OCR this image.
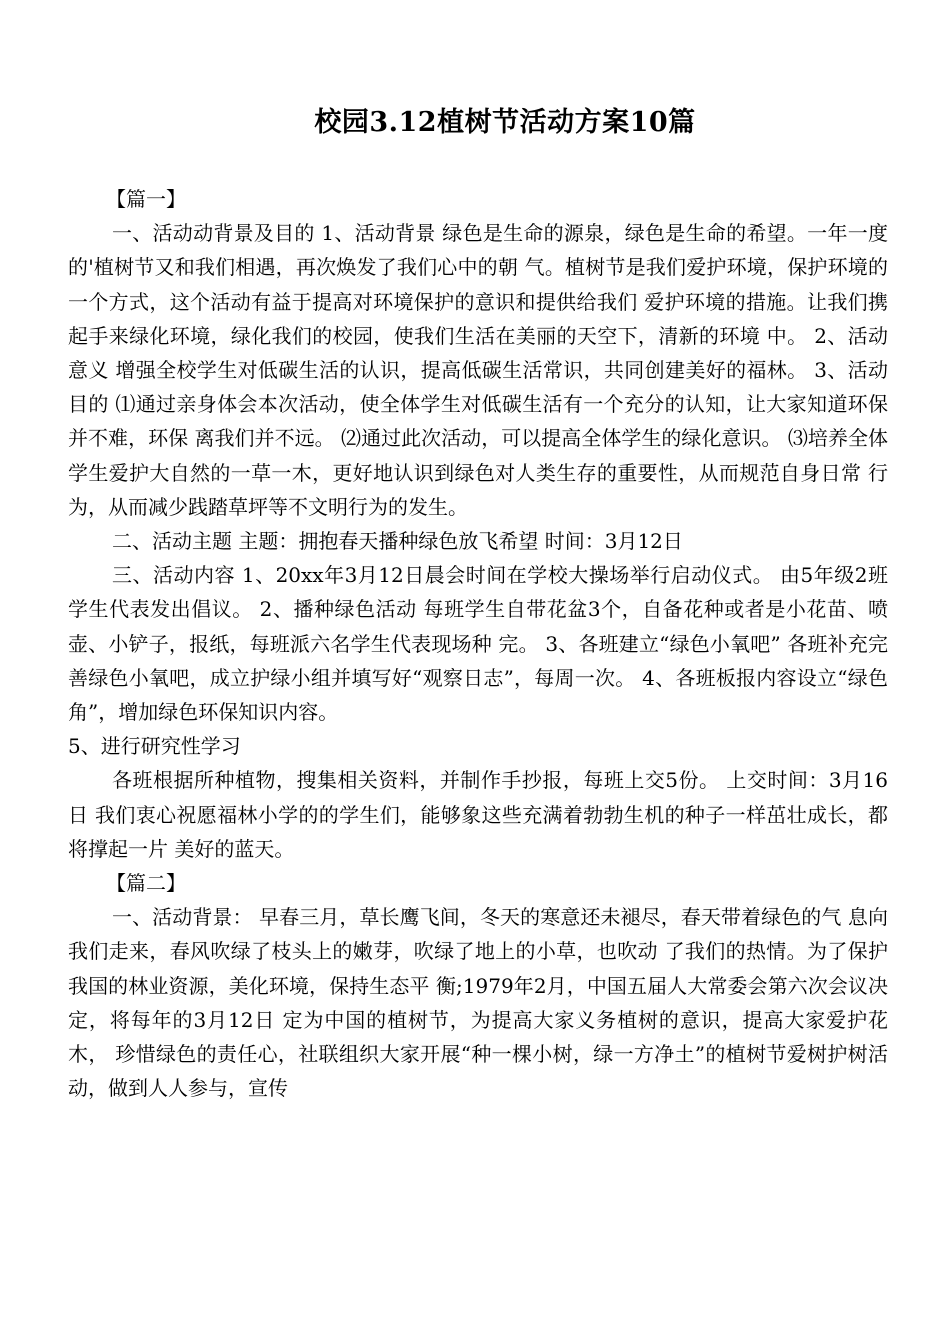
校园3.12植树节活动方案10篇
【篇一】

一、活动动背景及目的 1、活动背景 绿色是生命的源泉，绿色是生命的希望。一年一度的'植树节又和我们相遇，再次焕发了我们心中的朝 气。植树节是我们爱护环境，保护环境的一个方式，这个活动有益于提高对环境保护的意识和提供给我们 爱护环境的措施。让我们携起手来绿化环境，绿化我们的校园，使我们生活在美丽的天空下，清新的环境 中。 2、活动意义 增强全校学生对低碳生活的认识，提高低碳生活常识，共同创建美好的福林。 3、活动目的 ⑴通过亲身体会本次活动，使全体学生对低碳生活有一个充分的认知，让大家知道环保并不难，环保 离我们并不远。 ⑵通过此次活动，可以提高全体学生的绿化意识。 ⑶培养全体学生爱护大自然的一草一木，更好地认识到绿色对人类生存的重要性，从而规范自身日常 行为，从而减少践踏草坪等不文明行为的发生。

二、活动主题 主题：拥抱春天播种绿色放飞希望 时间：3月12日

三、活动内容 1、20xx年3月12日晨会时间在学校大操场举行启动仪式。 由5年级2班学生代表发出倡议。 2、播种绿色活动 每班学生自带花盆3个，自备花种或者是小花苗、喷壶、小铲子，报纸，每班派六名学生代表现场种 完。 3、各班建立“绿色小氧吧” 各班补充完善绿色小氧吧，成立护绿小组并填写好“观察日志”，每周一次。 4、各班板报内容设立“绿色角”，增加绿色环保知识内容。

5、进行研究性学习

各班根据所种植物，搜集相关资料，并制作手抄报，每班上交5份。 上交时间：3月16日 我们衷心祝愿福林小学的的学生们，能够象这些充满着勃勃生机的种子一样茁壮成长，都将撑起一片 美好的蓝天。

【篇二】

一、活动背景： 早春三月，草长鹰飞间，冬天的寒意还未褪尽，春天带着绿色的气 息向我们走来，春风吹绿了枝头上的嫩芽，吹绿了地上的小草，也吹动 了我们的热情。为了保护我国的林业资源，美化环境，保持生态平 衡;1979年2月，中国五届人大常委会第六次会议决定，将每年的3月12日 定为中国的植树节，为提高大家义务植树的意识，提高大家爱护花木， 珍惜绿色的责任心，社联组织大家开展“种一棵小树，绿一方净土”的植树节爱树护树活动，做到人人参与，宣传
